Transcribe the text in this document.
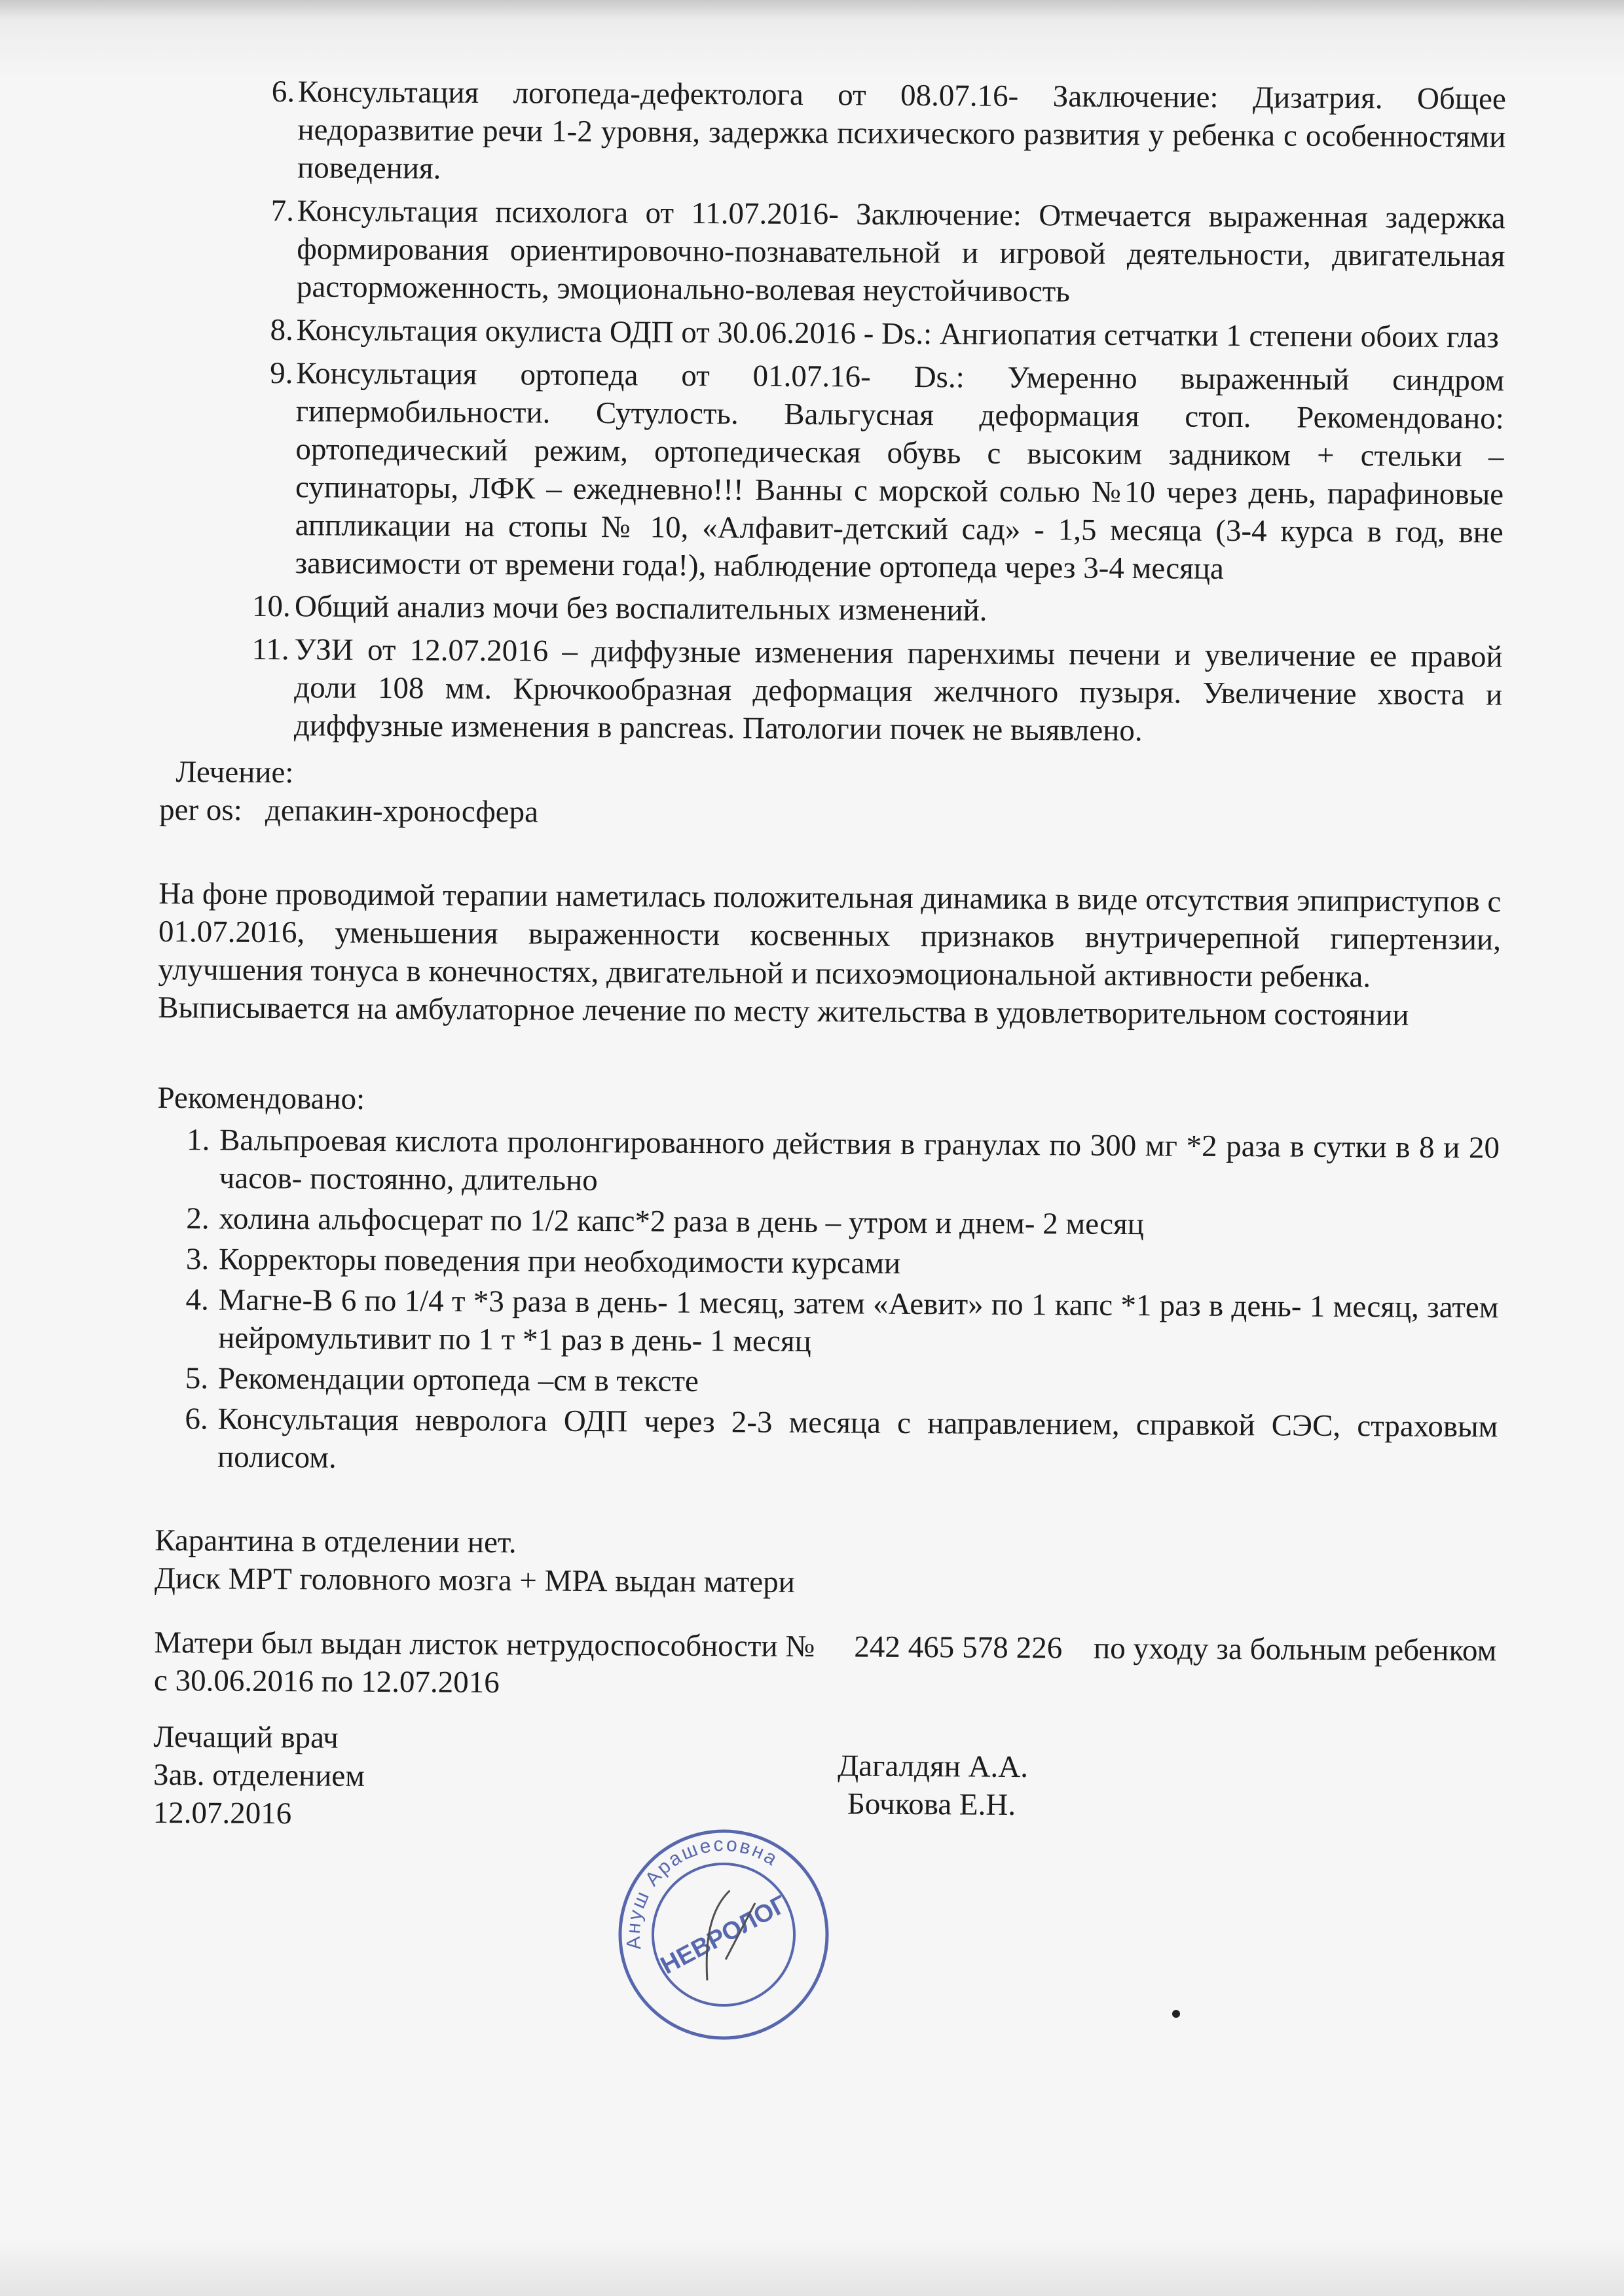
6. Консультация логопеда-дефектолога от 08.07.16- Заключение: Дизатрия. Общее недоразвитие речи 1-2 уровня, задержка психического развития у ребенка с особенностями поведения.
7. Консультация психолога от 11.07.2016- Заключение: Отмечается выраженная задержка формирования ориентировочно-познавательной и игровой деятельности, двигательная расторможенность, эмоционально-волевая неустойчивость
8. Консультация окулиста ОДП от 30.06.2016 - Ds.: Ангиопатия сетчатки 1 степени обоих глаз
9. Консультация ортопеда от 01.07.16- Ds.: Умеренно выраженный синдром гипермобильности. Сутулость. Вальгусная деформация стоп. Рекомендовано: ортопедический режим, ортопедическая обувь с высоким задником + стельки – супинаторы, ЛФК – ежедневно!!! Ванны с морской солью №10 через день, парафиновые аппликации на стопы № 10, «Алфавит-детский сад» - 1,5 месяца (3-4 курса в год, вне зависимости от времени года!), наблюдение ортопеда через 3-4 месяца
10. Общий анализ мочи без воспалительных изменений.
11. УЗИ от 12.07.2016 – диффузные изменения паренхимы печени и увеличение ее правой доли 108 мм. Крючкообразная деформация желчного пузыря. Увеличение хвоста и диффузные изменения в pancreas. Патологии почек не выявлено.
Лечение:
per os: депакин-хроносфера
На фоне проводимой терапии наметилась положительная динамика в виде отсутствия эпиприступов с 01.07.2016, уменьшения выраженности косвенных признаков внутричерепной гипертензии, улучшения тонуса в конечностях, двигательной и психоэмоциональной активности ребенка.
Выписывается на амбулаторное лечение по месту жительства в удовлетворительном состоянии
Рекомендовано:
1. Вальпроевая кислота пролонгированного действия в гранулах по 300 мг *2 раза в сутки в 8 и 20 часов- постоянно, длительно
2. холина альфосцерат по 1/2 капс*2 раза в день – утром и днем- 2 месяц
3. Корректоры поведения при необходимости курсами
4. Магне-В 6 по 1/4 т *3 раза в день- 1 месяц, затем «Аевит» по 1 капс *1 раз в день- 1 месяц, затем нейромультивит по 1 т *1 раз в день- 1 месяц
5. Рекомендации ортопеда –см в тексте
6. Консультация невролога ОДП через 2-3 месяца с направлением, справкой СЭС, страховым полисом.
Карантина в отделении нет.
Диск МРТ головного мозга + МРА выдан матери
Матери был выдан листок нетрудоспособности № 242 465 578 226 по уходу за больным ребенком с 30.06.2016 по 12.07.2016
Лечащий врач
Зав. отделением
12.07.2016
Дагалдян А.А.
Бочкова Е.Н.
Ануш Арашесовна
НЕВРОЛОГ
